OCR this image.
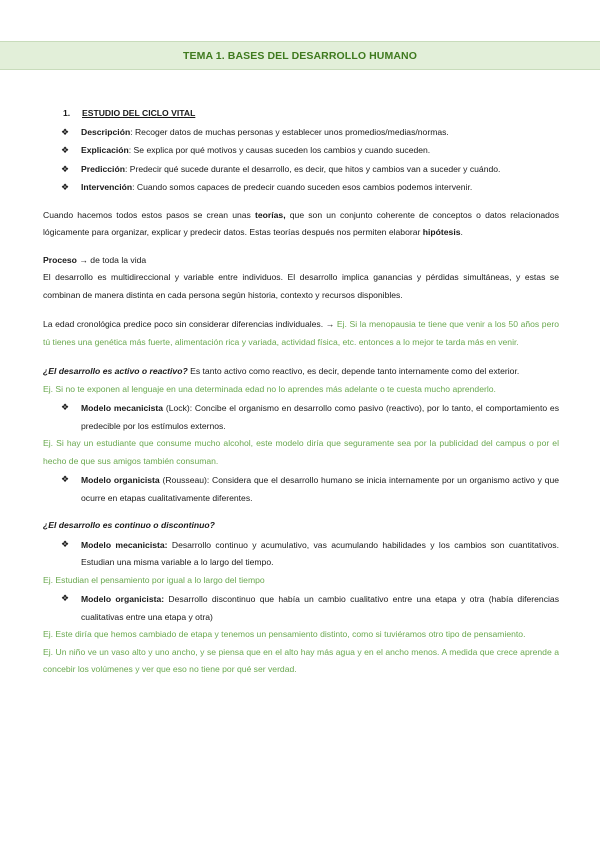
TEMA 1. BASES DEL DESARROLLO HUMANO
1.	ESTUDIO DEL CICLO VITAL
❖	Descripción: Recoger datos de muchas personas y establecer unos promedios/medias/normas.
❖	Explicación: Se explica por qué motivos y causas suceden los cambios y cuando suceden.
❖	Predicción: Predecir qué sucede durante el desarrollo, es decir, que hitos y cambios van a suceder y cuándo.
❖	Intervención: Cuando somos capaces de predecir cuando suceden esos cambios podemos intervenir.

Cuando hacemos todos estos pasos se crean unas teorías, que son un conjunto coherente de conceptos o datos relacionados lógicamente para organizar, explicar y predecir datos. Estas teorías después nos permiten elaborar hipótesis.

Proceso → de toda la vida

El desarrollo es multidireccional y variable entre individuos. El desarrollo implica ganancias y pérdidas simultáneas, y estas se combinan de manera distinta en cada persona según historia, contexto y recursos disponibles.

La edad cronológica predice poco sin considerar diferencias individuales. → Ej. Si la menopausia te tiene que venir a los 50 años pero tú tienes una genética más fuerte, alimentación rica y variada, actividad física, etc. entonces a lo mejor te tarda más en venir.

¿El desarrollo es activo o reactivo? Es tanto activo como reactivo, es decir, depende tanto internamente como del exterior.

Ej. Si no te exponen al lenguaje en una determinada edad no lo aprendes más adelante o te cuesta mucho aprenderlo.

❖	Modelo mecanicista (Lock): Concibe el organismo en desarrollo como pasivo (reactivo), por lo tanto, el comportamiento es predecible por los estímulos externos.

Ej. Si hay un estudiante que consume mucho alcohol, este modelo diría que seguramente sea por la publicidad del campus o por el hecho de que sus amigos también consuman.

❖	Modelo organicista (Rousseau): Considera que el desarrollo humano se inicia internamente por un organismo activo y que ocurre en etapas cualitativamente diferentes.

¿El desarrollo es continuo o discontinuo?

❖	Modelo mecanicista: Desarrollo continuo y acumulativo, vas acumulando habilidades y los cambios son cuantitativos. Estudian una misma variable a lo largo del tiempo.

Ej. Estudian el pensamiento por igual a lo largo del tiempo

❖	Modelo organicista: Desarrollo discontinuo que había un cambio cualitativo entre una etapa y otra (había diferencias cualitativas entre una etapa y otra)

Ej. Este diría que hemos cambiado de etapa y tenemos un pensamiento distinto, como si tuviéramos otro tipo de pensamiento.

Ej. Un niño ve un vaso alto y uno ancho, y se piensa que en el alto hay más agua y en el ancho menos. A medida que crece aprende a concebir los volúmenes y ver que eso no tiene por qué ser verdad.
